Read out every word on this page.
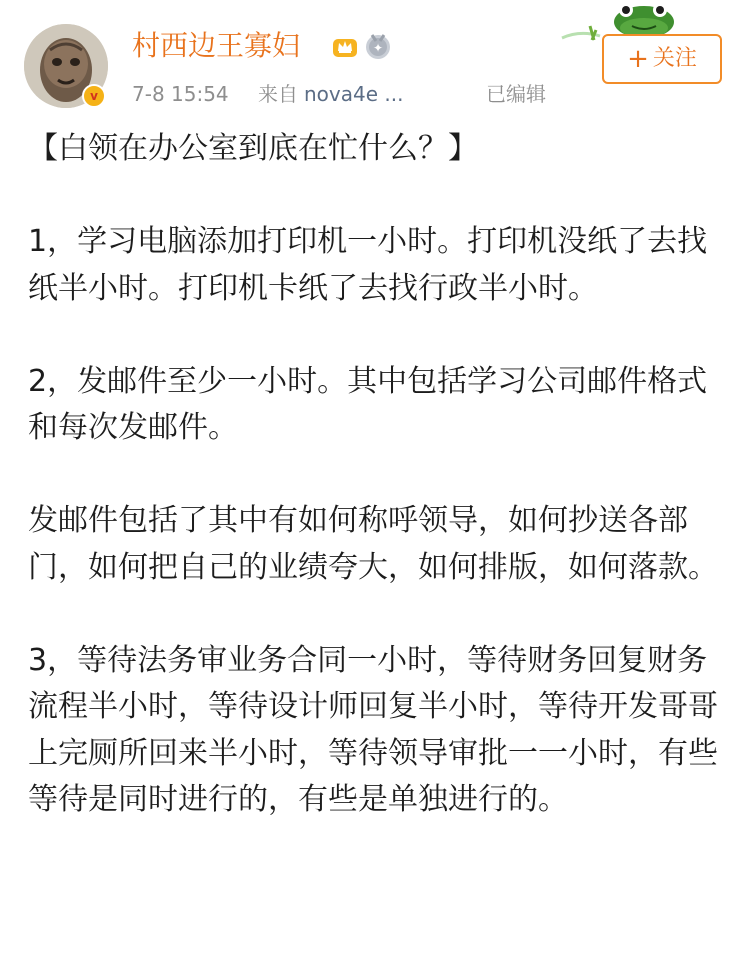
v
村西边王寡妇	✦
7-8 15:54 来自 nova4e ...	已编辑
+ 关注

【白领在办公室到底在忙什么？】

1，学习电脑添加打印机一小时。打印机没纸了去找纸半小时。打印机卡纸了去找行政半小时。

2，发邮件至少一小时。其中包括学习公司邮件格式和每次发邮件。

发邮件包括了其中有如何称呼领导，如何抄送各部门，如何把自己的业绩夸大，如何排版，如何落款。

3，等待法务审业务合同一小时，等待财务回复财务流程半小时，等待设计师回复半小时，等待开发哥哥上完厕所回来半小时，等待领导审批一一小时，有些等待是同时进行的，有些是单独进行的。
